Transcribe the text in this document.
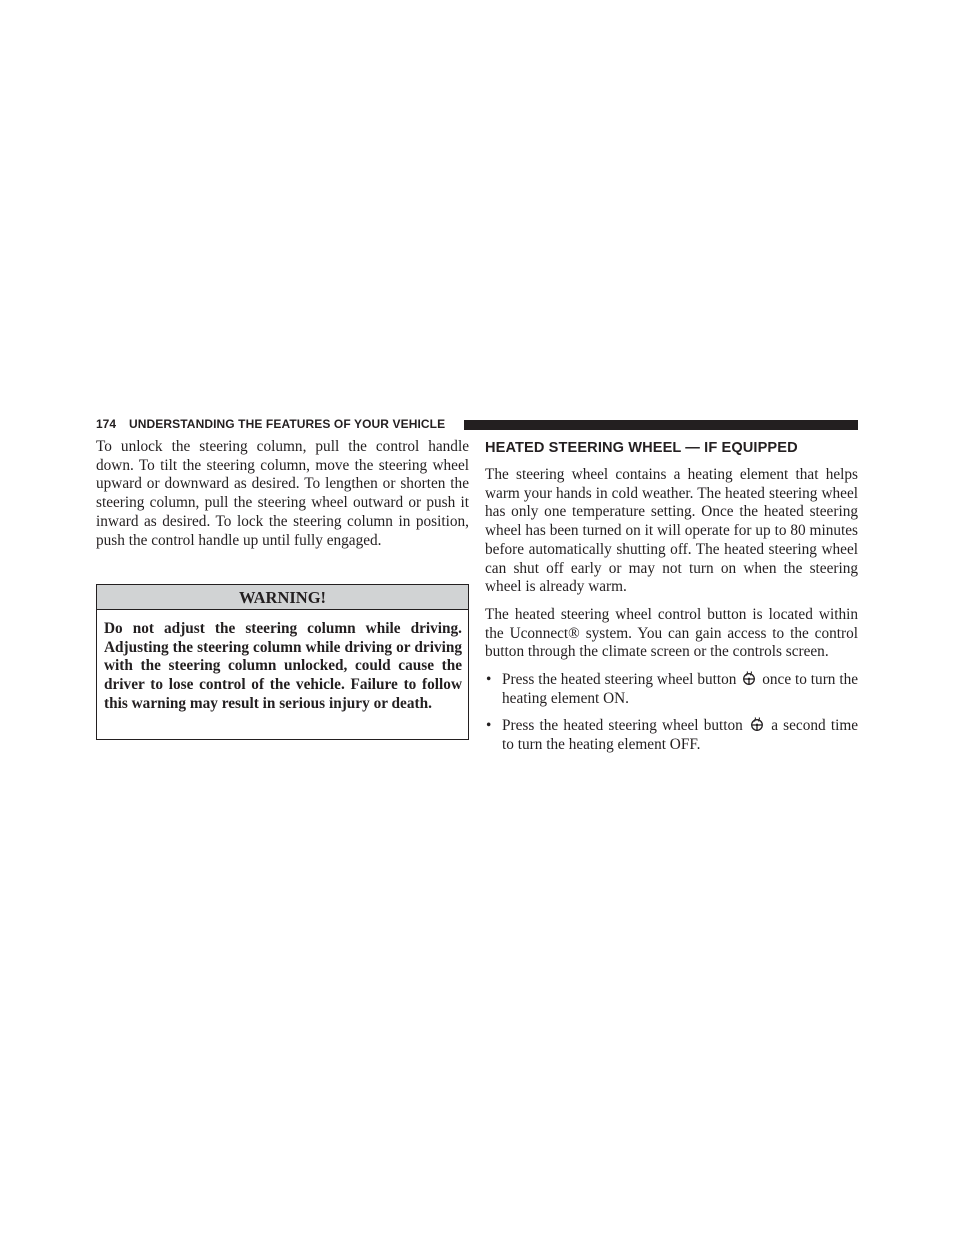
174 UNDERSTANDING THE FEATURES OF YOUR VEHICLE

To unlock the steering column, pull the control handle down. To tilt the steering column, move the steering wheel upward or downward as desired. To lengthen or shorten the steering column, pull the steering wheel outward or push it inward as desired. To lock the steering column in position, push the control handle up until fully engaged.

WARNING!
Do not adjust the steering column while driving. Adjusting the steering column while driving or driving with the steering column unlocked, could cause the driver to lose control of the vehicle. Failure to follow this warning may result in serious injury or death.
HEATED STEERING WHEEL — IF EQUIPPED

The steering wheel contains a heating element that helps warm your hands in cold weather. The heated steering wheel has only one temperature setting. Once the heated steering wheel has been turned on it will operate for up to 80 minutes before automatically shutting off. The heated steering wheel can shut off early or may not turn on when the steering wheel is already warm.

The heated steering wheel control button is located within the Uconnect® system. You can gain access to the control button through the climate screen or the controls screen.

• Press the heated steering wheel button once to turn the heating element ON.
• Press the heated steering wheel button a second time to turn the heating element OFF.
